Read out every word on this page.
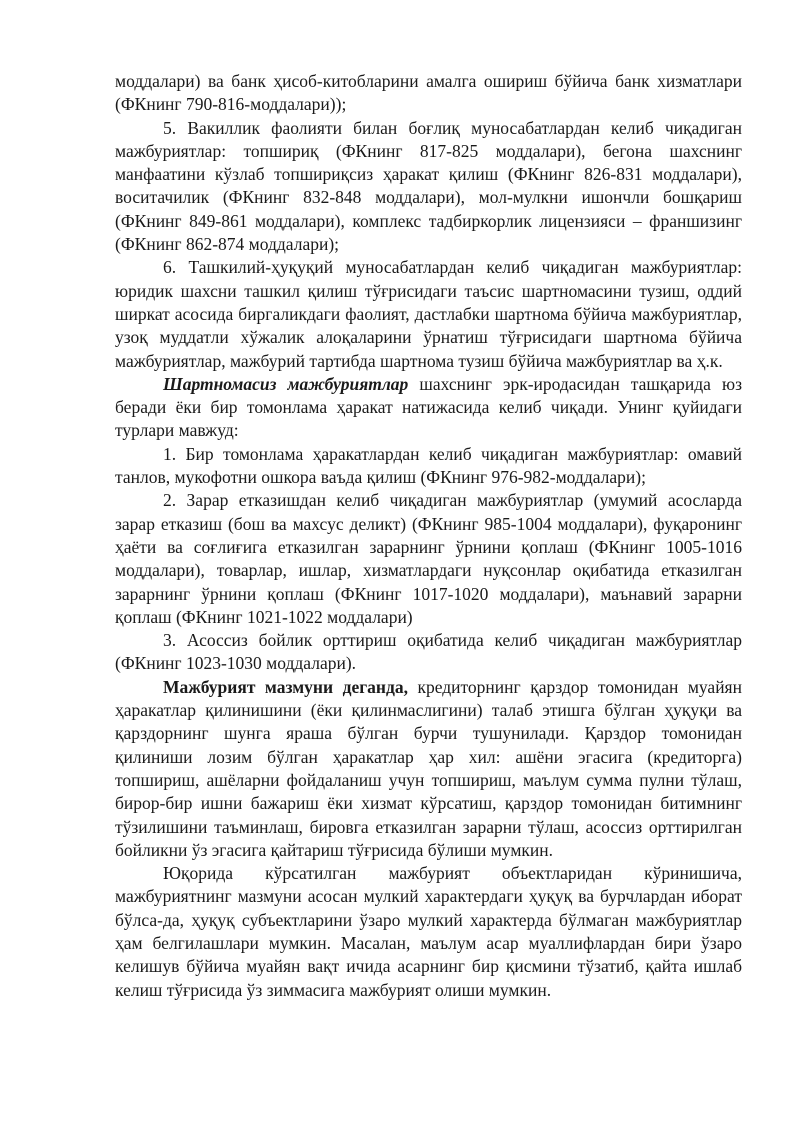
моддалари) ва банк ҳисоб-китобларини амалга ошириш бўйича банк хизматлари (ФКнинг 790-816-моддалари));

5. Вакиллик фаолияти билан боғлиқ муносабатлардан келиб чиқадиган мажбуриятлар: топшириқ (ФКнинг 817-825 моддалари), бегона шахснинг манфаатини кўзлаб топшириқсиз ҳаракат қилиш (ФКнинг 826-831 моддалари), воситачилик (ФКнинг 832-848 моддалари), мол-мулкни ишончли бошқариш (ФКнинг 849-861 моддалари), комплекс тадбиркорлик лицензияси – франшизинг (ФКнинг 862-874 моддалари);

6. Ташкилий-ҳуқуқий муносабатлардан келиб чиқадиган мажбуриятлар: юридик шахсни ташкил қилиш тўғрисидаги таъсис шартномасини тузиш, оддий ширкат асосида биргаликдаги фаолият, дастлабки шартнома бўйича мажбуриятлар, узоқ муддатли хўжалик алоқаларини ўрнатиш тўғрисидаги шартнома бўйича мажбуриятлар, мажбурий тартибда шартнома тузиш бўйича мажбуриятлар ва ҳ.к.

Шартномасиз мажбуриятлар шахснинг эрк-иродасидан ташқарида юз беради ёки бир томонлама ҳаракат натижасида келиб чиқади. Унинг қуйидаги турлари мавжуд:

1. Бир томонлама ҳаракатлардан келиб чиқадиган мажбуриятлар: омавий танлов, мукофотни ошкора ваъда қилиш (ФКнинг 976-982-моддалари);

2. Зарар етказишдан келиб чиқадиган мажбуриятлар (умумий асосларда зарар етказиш (бош ва махсус деликт) (ФКнинг 985-1004 моддалари), фуқаронинг ҳаёти ва соғлиғига етказилган зарарнинг ўрнини қоплаш (ФКнинг 1005-1016 моддалари), товарлар, ишлар, хизматлардаги нуқсонлар оқибатида етказилган зарарнинг ўрнини қоплаш (ФКнинг 1017-1020 моддалари), маънавий зарарни қоплаш (ФКнинг 1021-1022 моддалари)

3. Асоссиз бойлик орттириш оқибатида келиб чиқадиган мажбуриятлар (ФКнинг 1023-1030 моддалари).

Мажбурият мазмуни деганда, кредиторнинг қарздор томонидан муайян ҳаракатлар қилинишини (ёки қилинмаслигини) талаб этишга бўлган ҳуқуқи ва қарздорнинг шунга яраша бўлган бурчи тушунилади. Қарздор томонидан қилиниши лозим бўлган ҳаракатлар ҳар хил: ашёни эгасига (кредиторга) топшириш, ашёларни фойдаланиш учун топшириш, маълум сумма пулни тўлаш, бирор-бир ишни бажариш ёки хизмат кўрсатиш, қарздор томонидан битимнинг тўзилишини таъминлаш, бировга етказилган зарарни тўлаш, асоссиз орттирилган бойликни ўз эгасига қайтариш тўғрисида бўлиши мумкин.

Юқорида кўрсатилган мажбурият объектларидан кўринишича, мажбуриятнинг мазмуни асосан мулкий характердаги ҳуқуқ ва бурчлардан иборат бўлса-да, ҳуқуқ субъектларини ўзаро мулкий характерда бўлмаган мажбуриятлар ҳам белгилашлари мумкин. Масалан, маълум асар муаллифлардан бири ўзаро келишув бўйича муайян вақт ичида асарнинг бир қисмини тўзатиб, қайта ишлаб келиш тўғрисида ўз зиммасига мажбурият олиши мумкин.
